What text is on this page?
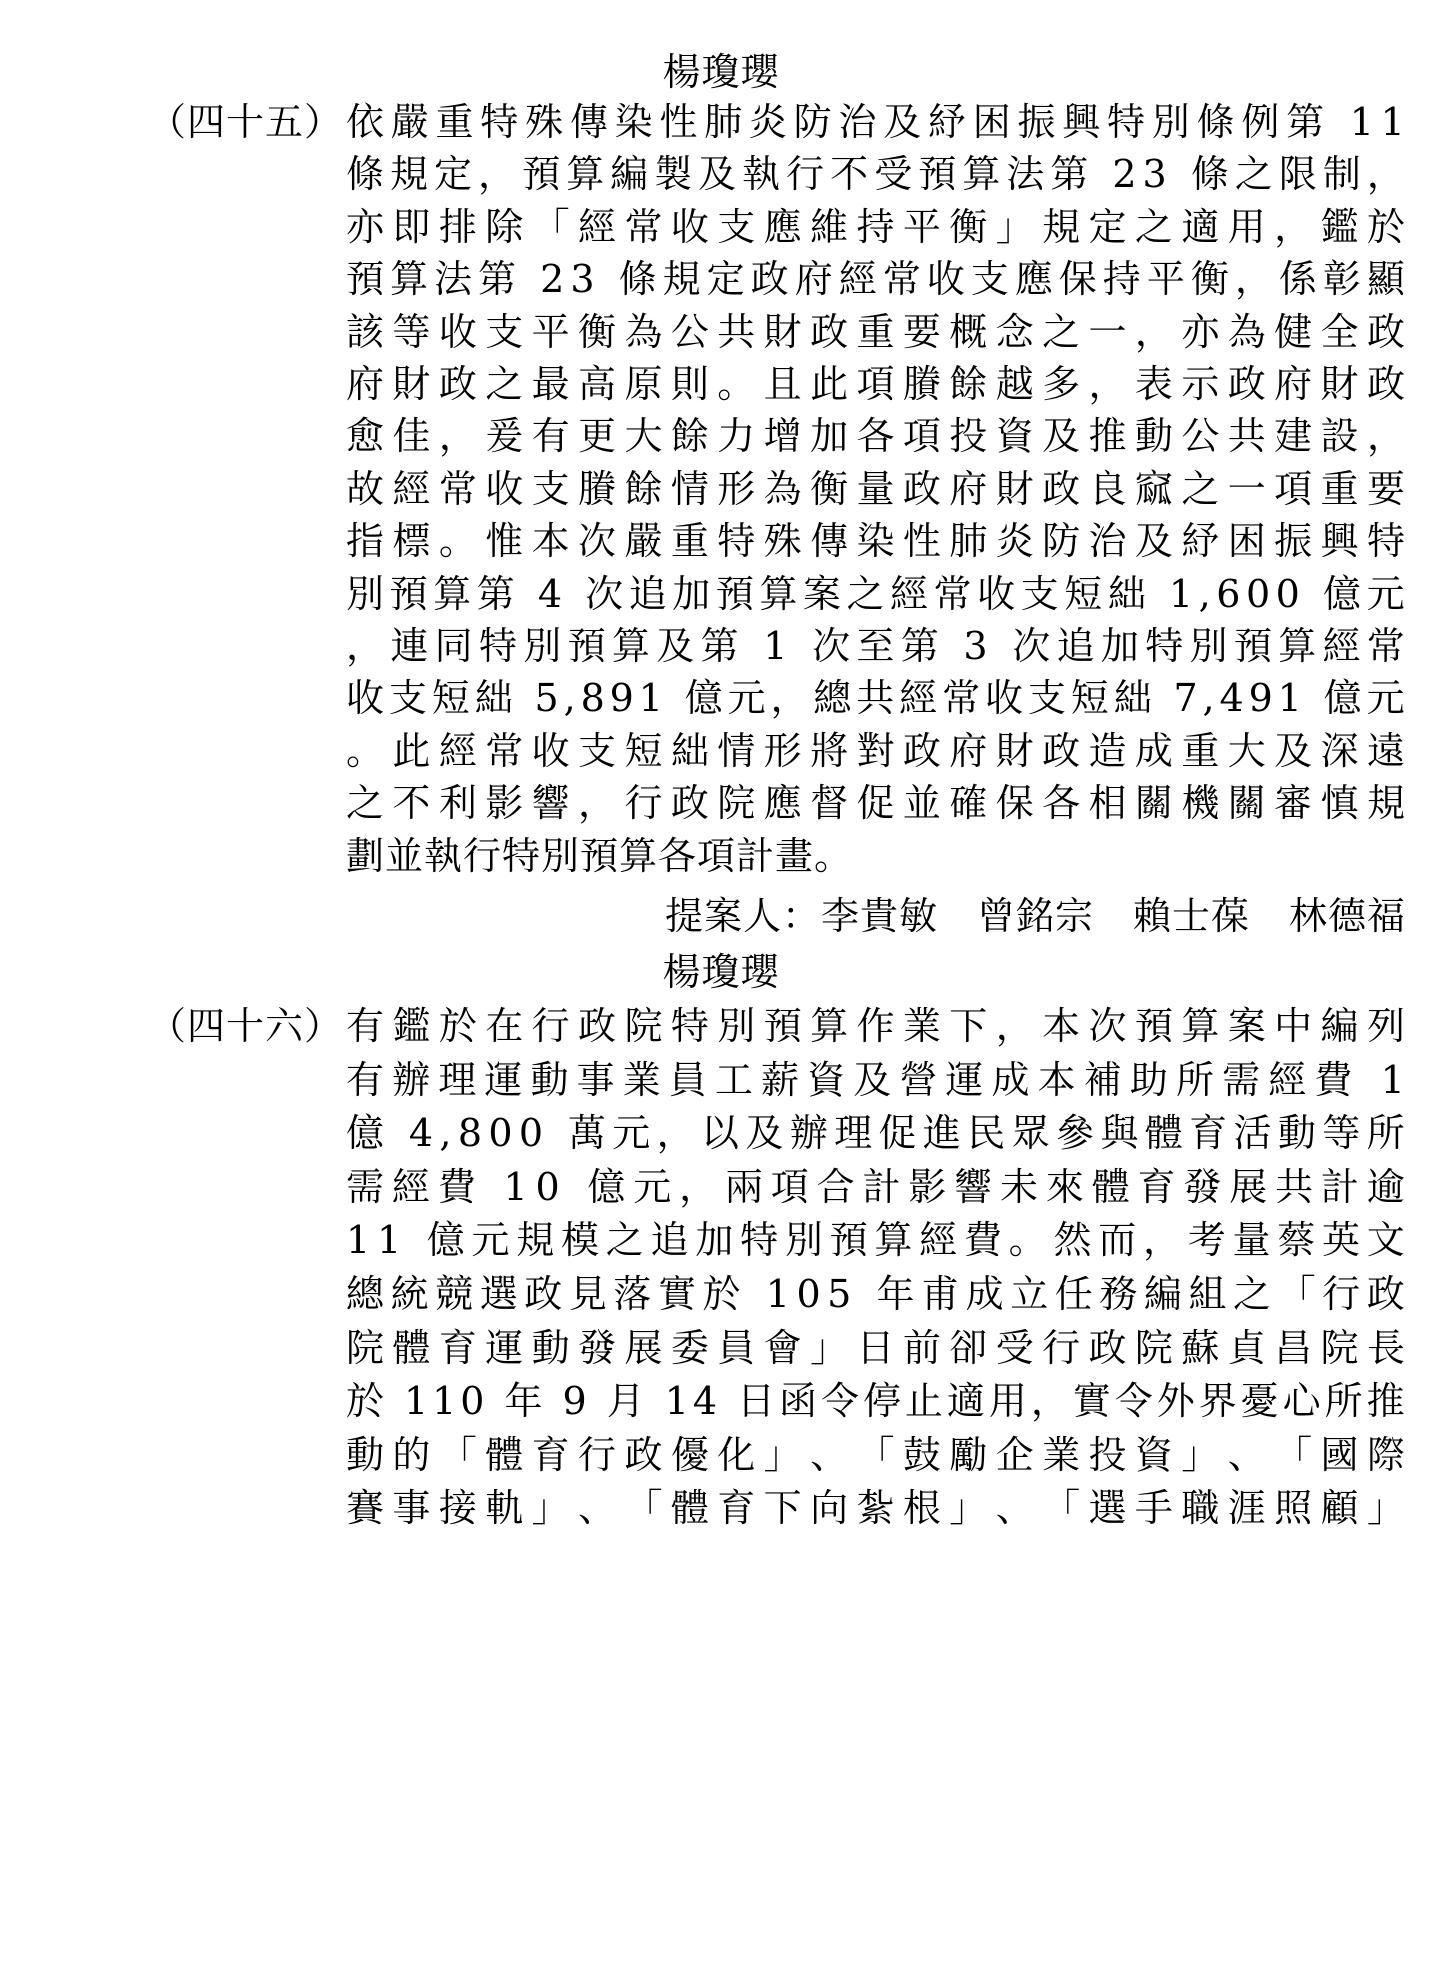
楊瓊瓔
（四十五） 依 嚴 重 特 殊 傳 染 性 肺 炎 防 治 及 紓 困 振 興 特 別 條 例 第
1 1
條 規 定 ， 預 算 編 製 及 執 行 不 受 預 算 法 第
2 3
條 之 限 制 ，
亦 即 排 除 「 經 常 收 支 應 維 持 平 衡 」 規 定 之 適 用 ， 鑑 於
預 算 法 第
2 3
條 規 定 政 府 經 常 收 支 應 保 持 平 衡 ， 係 彰 顯
該 等 收 支 平 衡 為 公 共 財 政 重 要 概 念 之 一 ， 亦 為 健 全 政
府 財 政 之 最 高 原 則 。 且 此 項 賸 餘 越 多 ， 表 示 政 府 財 政
愈 佳 ， 爰 有 更 大 餘 力 增 加 各 項 投 資 及 推 動 公 共 建 設 ，
故 經 常 收 支 賸 餘 情 形 為 衡 量 政 府 財 政 良 窳 之 一 項 重 要
指 標 。 惟 本 次 嚴 重 特 殊 傳 染 性 肺 炎 防 治 及 紓 困 振 興 特
別 預 算 第
4
次 追 加 預 算 案 之 經 常 收 支 短 絀
1 , 6 0 0
億 元
， 連 同 特 別 預 算 及 第
1
次 至 第
3
次 追 加 特 別 預 算 經 常
收 支 短 絀
5 , 8 9 1
億 元 ， 總 共 經 常 收 支 短 絀
7 , 4 9 1
億 元
。 此 經 常 收 支 短 絀 情 形 將 對 政 府 財 政 造 成 重 大 及 深 遠
之 不 利 影 響 ， 行 政 院 應 督 促 並 確 保 各 相 關 機 關 審 慎 規
劃並執行特別預算各項計畫。
提案人：李貴敏　曾銘宗　賴士葆　林德福
楊瓊瓔
（四十六） 有 鑑 於 在 行 政 院 特 別 預 算 作 業 下 ， 本 次 預 算 案 中 編 列
有 辦 理 運 動 事 業 員 工 薪 資 及 營 運 成 本 補 助 所 需 經 費
1
億
4 , 8 0 0
萬 元 ， 以 及 辦 理 促 進 民 眾 參 與 體 育 活 動 等 所
需 經 費
1 0
億 元 ， 兩 項 合 計 影 響 未 來 體 育 發 展 共 計 逾
1 1
億 元 規 模 之 追 加 特 別 預 算 經 費 。 然 而 ， 考 量 蔡 英 文
總 統 競 選 政 見 落 實 於
1 0 5
年 甫 成 立 任 務 編 組 之 「 行 政
院 體 育 運 動 發 展 委 員 會 」 日 前 卻 受 行 政 院 蘇 貞 昌 院 長
於
1 1 0
年
9
月
1 4
日 函 令 停 止 適 用 ， 實 令 外 界 憂 心 所 推
動 的 「 體 育 行 政 優 化 」 、 「 鼓 勵 企 業 投 資 」 、 「 國 際
賽 事 接 軌 」 、 「 體 育 下 向 紮 根 」 、 「 選 手 職 涯 照 顧 」
